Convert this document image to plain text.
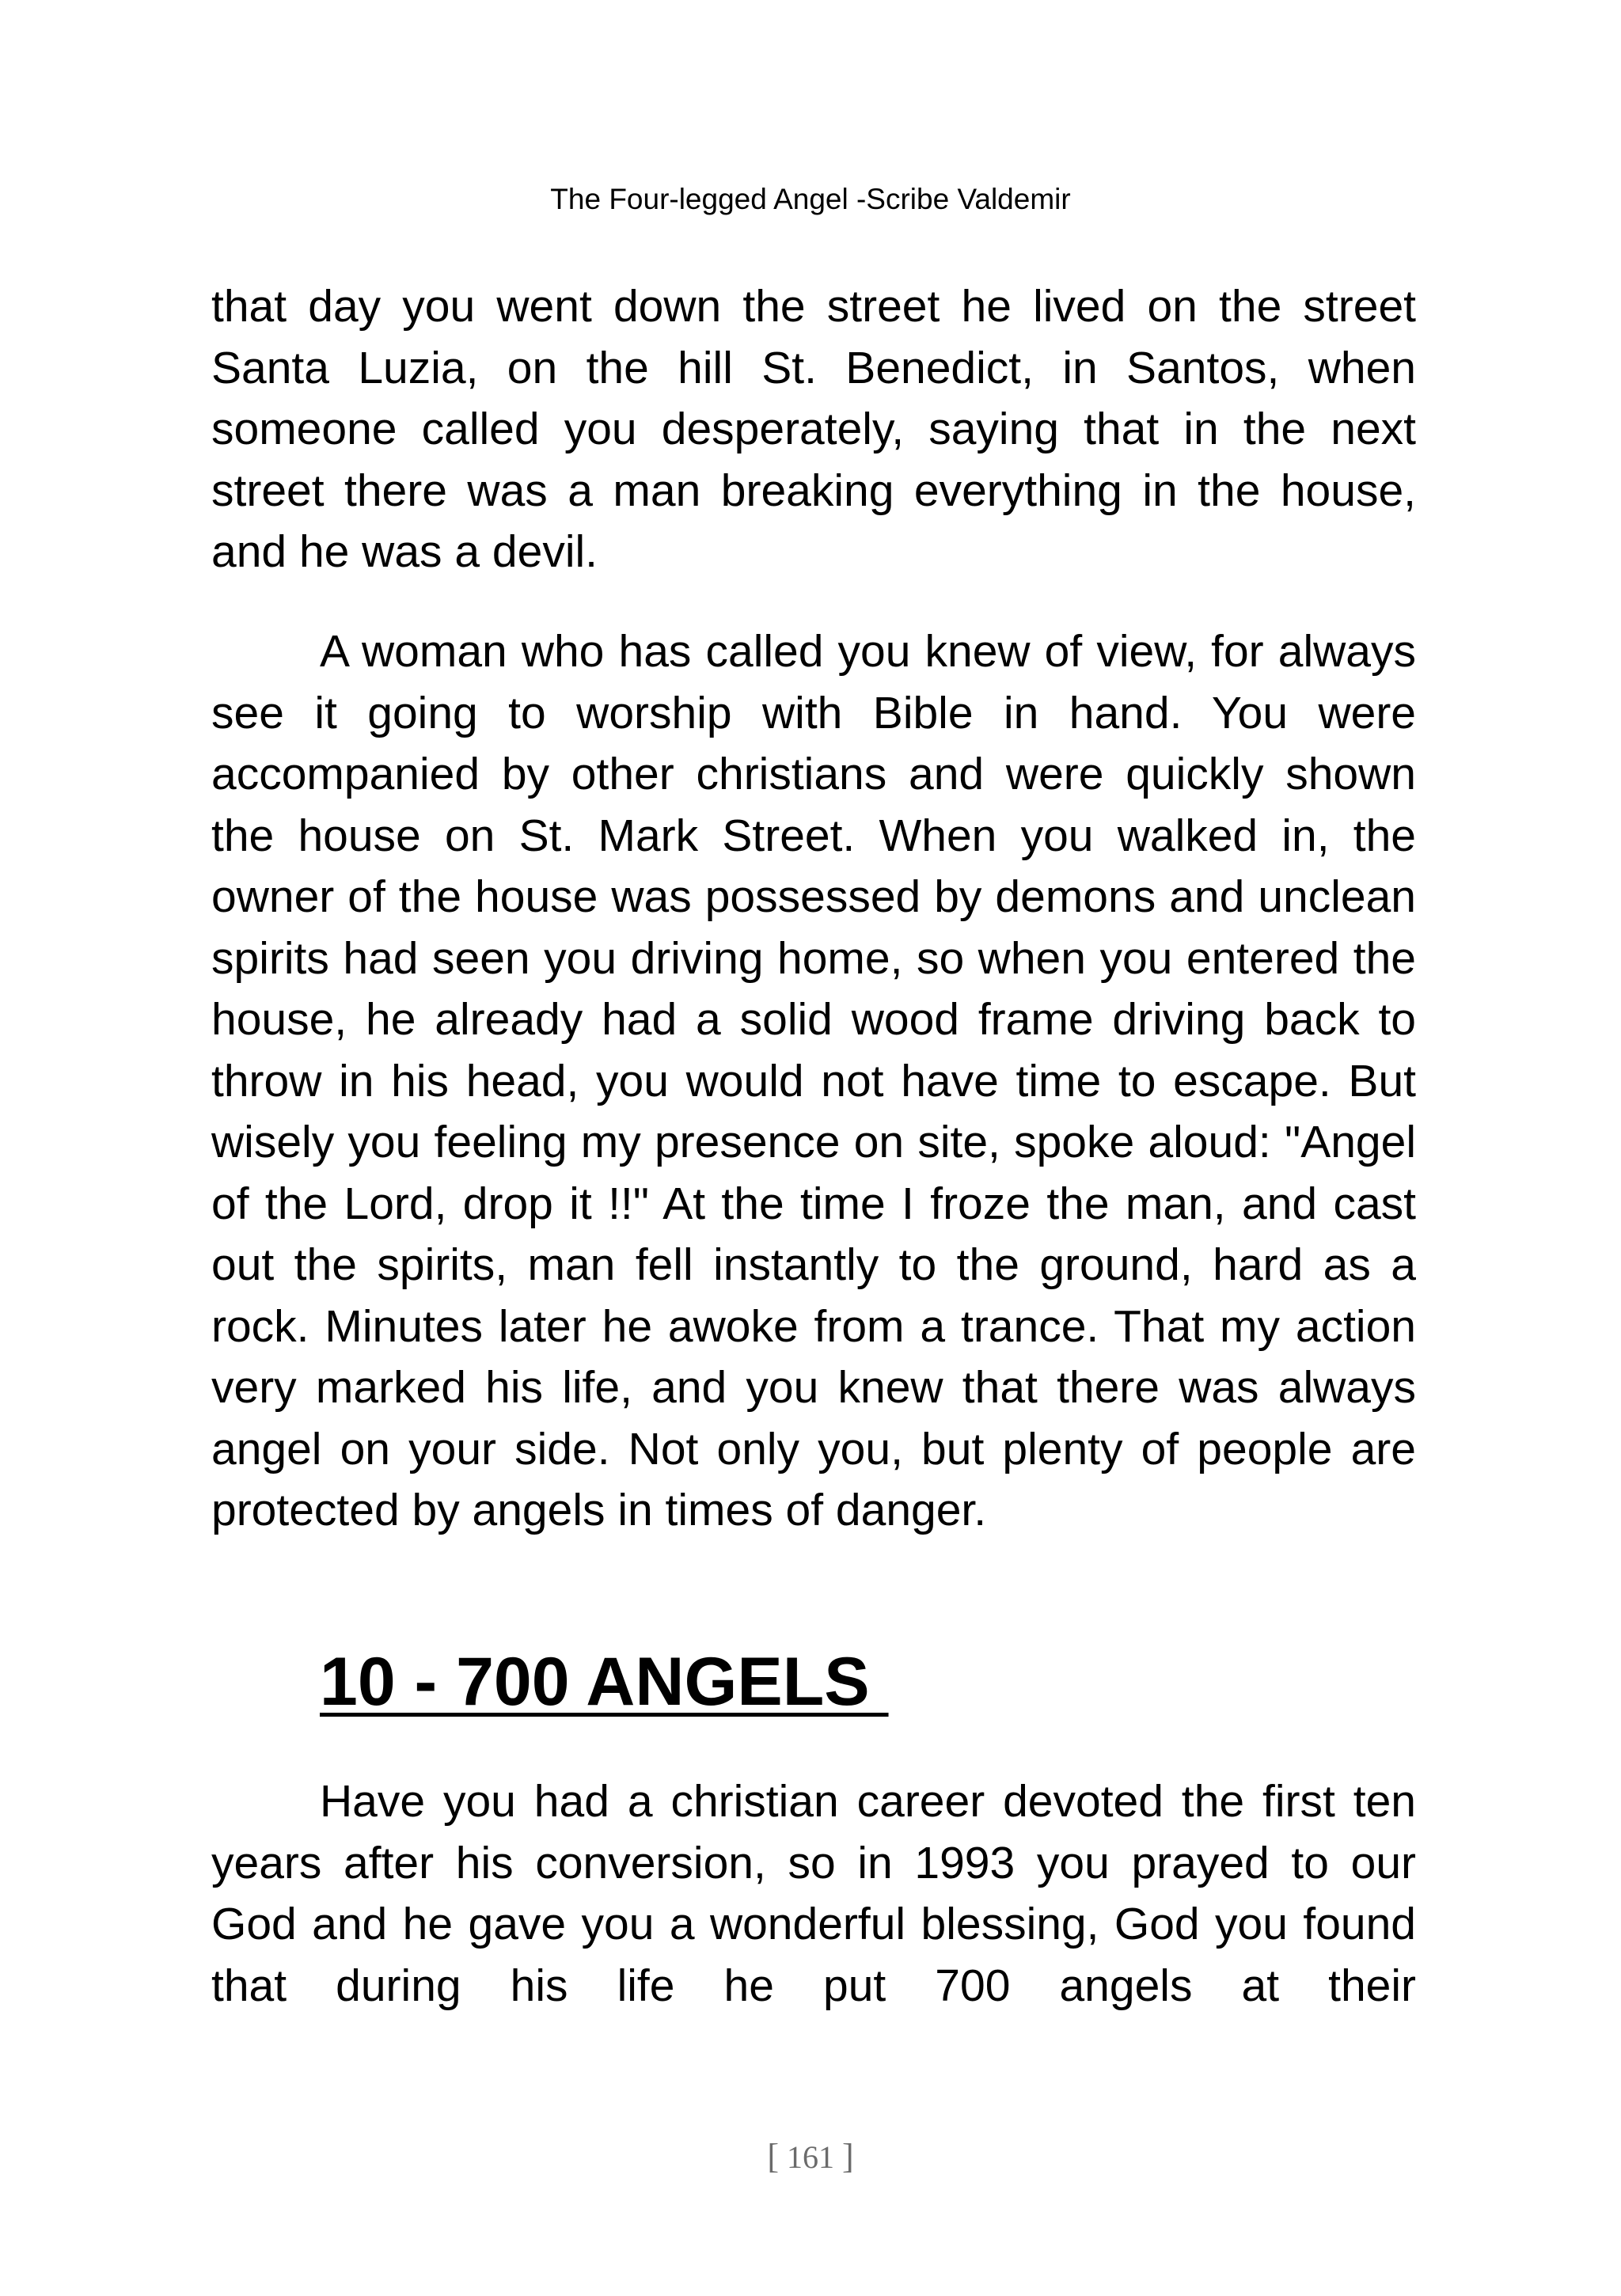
The Four-legged Angel -Scribe Valdemir

that day you went down the street he lived on the street Santa Luzia, on the hill St. Benedict, in Santos, when someone called you desperately, saying that in the next street there was a man breaking everything in the house, and he was a devil.

A woman who has called you knew of view, for always see it going to worship with Bible in hand. You were accompanied by other christians and were quickly shown the house on St. Mark Street. When you walked in, the owner of the house was possessed by demons and unclean spirits had seen you driving home, so when you entered the house, he already had a solid wood frame driving back to throw in his head, you would not have time to escape. But wisely you feeling my presence on site, spoke aloud: "Angel of the Lord, drop it !!" At the time I froze the man, and cast out the spirits, man fell instantly to the ground, hard as a rock. Minutes later he awoke from a trance. That my action very marked his life, and you knew that there was always angel on your side. Not only you, but plenty of people are protected by angels in times of danger.

10 - 700 ANGELS

Have you had a christian career devoted the first ten years after his conversion, so in 1993 you prayed to our God and he gave you a wonderful blessing, God you found that during his life he put 700 angels at their

[ 161 ]
